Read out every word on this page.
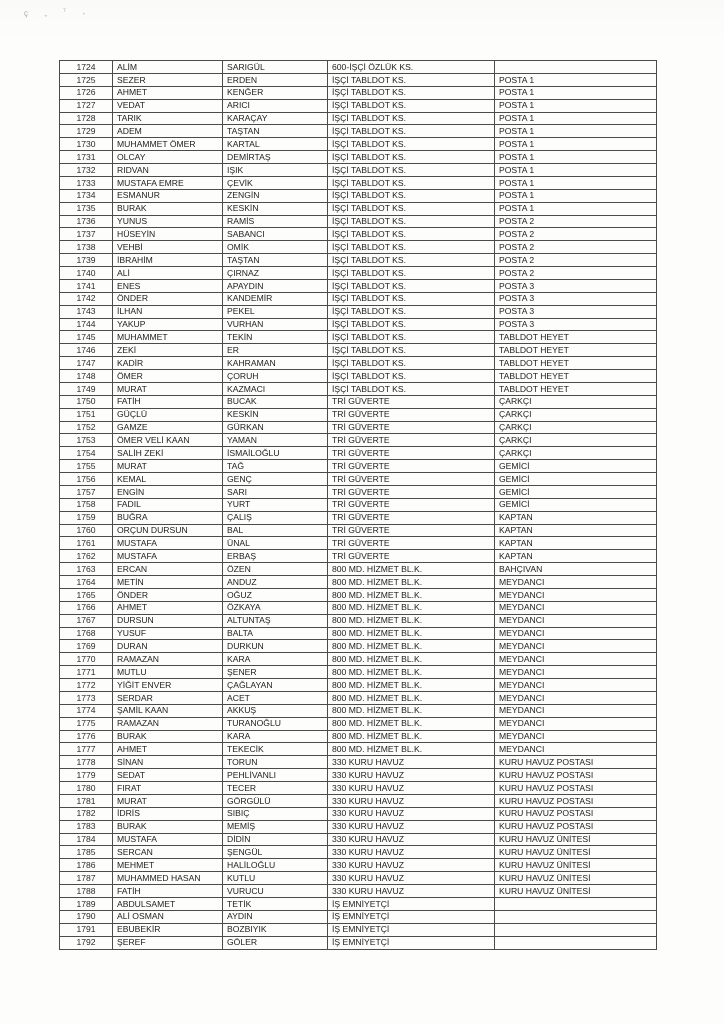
ç ˬ ⁷ ˳
1724	ALİM	SARIGÜL	600-İŞÇİ ÖZLÜK KS.	
1725	SEZER	ERDEN	İŞÇİ TABLDOT KS.	POSTA 1
1726	AHMET	KENĞER	İŞÇİ TABLDOT KS.	POSTA 1
1727	VEDAT	ARICI	İŞÇİ TABLDOT KS.	POSTA 1
1728	TARIK	KARAÇAY	İŞÇİ TABLDOT KS.	POSTA 1
1729	ADEM	TAŞTAN	İŞÇİ TABLDOT KS.	POSTA 1
1730	MUHAMMET ÖMER	KARTAL	İŞÇİ TABLDOT KS.	POSTA 1
1731	OLCAY	DEMİRTAŞ	İŞÇİ TABLDOT KS.	POSTA 1
1732	RIDVAN	IŞIK	İŞÇİ TABLDOT KS.	POSTA 1
1733	MUSTAFA EMRE	ÇEVİK	İŞÇİ TABLDOT KS.	POSTA 1
1734	ESMANUR	ZENGİN	İŞÇİ TABLDOT KS.	POSTA 1
1735	BURAK	KESKİN	İŞÇİ TABLDOT KS.	POSTA 1
1736	YUNUS	RAMİS	İŞÇİ TABLDOT KS.	POSTA 2
1737	HÜSEYİN	SABANCI	İŞÇİ TABLDOT KS.	POSTA 2
1738	VEHBİ	OMİK	İŞÇİ TABLDOT KS.	POSTA 2
1739	İBRAHİM	TAŞTAN	İŞÇİ TABLDOT KS.	POSTA 2
1740	ALİ	ÇIRNAZ	İŞÇİ TABLDOT KS.	POSTA 2
1741	ENES	APAYDIN	İŞÇİ TABLDOT KS.	POSTA 3
1742	ÖNDER	KANDEMİR	İŞÇİ TABLDOT KS.	POSTA 3
1743	İLHAN	PEKEL	İŞÇİ TABLDOT KS.	POSTA 3
1744	YAKUP	VURHAN	İŞÇİ TABLDOT KS.	POSTA 3
1745	MUHAMMET	TEKİN	İŞÇİ TABLDOT KS.	TABLDOT HEYET
1746	ZEKİ	ER	İŞÇİ TABLDOT KS.	TABLDOT HEYET
1747	KADİR	KAHRAMAN	İŞÇİ TABLDOT KS.	TABLDOT HEYET
1748	ÖMER	ÇORUH	İŞÇİ TABLDOT KS.	TABLDOT HEYET
1749	MURAT	KAZMACI	İŞÇİ TABLDOT KS.	TABLDOT HEYET
1750	FATİH	BUCAK	TRİ GÜVERTE	ÇARKÇI
1751	GÜÇLÜ	KESKİN	TRİ GÜVERTE	ÇARKÇI
1752	GAMZE	GÜRKAN	TRİ GÜVERTE	ÇARKÇI
1753	ÖMER VELİ KAAN	YAMAN	TRİ GÜVERTE	ÇARKÇI
1754	SALİH ZEKİ	İSMAİLOĞLU	TRİ GÜVERTE	ÇARKÇI
1755	MURAT	TAĞ	TRİ GÜVERTE	GEMİCİ
1756	KEMAL	GENÇ	TRİ GÜVERTE	GEMİCİ
1757	ENGİN	SARI	TRİ GÜVERTE	GEMİCİ
1758	FADIL	YURT	TRİ GÜVERTE	GEMİCİ
1759	BUĞRA	ÇALIŞ	TRİ GÜVERTE	KAPTAN
1760	ORÇUN DURSUN	BAL	TRİ GÜVERTE	KAPTAN
1761	MUSTAFA	ÜNAL	TRİ GÜVERTE	KAPTAN
1762	MUSTAFA	ERBAŞ	TRİ GÜVERTE	KAPTAN
1763	ERCAN	ÖZEN	800 MD. HİZMET BL.K.	BAHÇIVAN
1764	METİN	ANDUZ	800 MD. HİZMET BL.K.	MEYDANCI
1765	ÖNDER	OĞUZ	800 MD. HİZMET BL.K.	MEYDANCI
1766	AHMET	ÖZKAYA	800 MD. HİZMET BL.K.	MEYDANCI
1767	DURSUN	ALTUNTAŞ	800 MD. HİZMET BL.K.	MEYDANCI
1768	YUSUF	BALTA	800 MD. HİZMET BL.K.	MEYDANCI
1769	DURAN	DURKUN	800 MD. HİZMET BL.K.	MEYDANCI
1770	RAMAZAN	KARA	800 MD. HİZMET BL.K.	MEYDANCI
1771	MUTLU	ŞENER	800 MD. HİZMET BL.K.	MEYDANCI
1772	YİĞİT ENVER	ÇAĞLAYAN	800 MD. HİZMET BL.K.	MEYDANCI
1773	SERDAR	ACET	800 MD. HİZMET BL.K.	MEYDANCI
1774	ŞAMİL KAAN	AKKUŞ	800 MD. HİZMET BL.K.	MEYDANCI
1775	RAMAZAN	TURANOĞLU	800 MD. HİZMET BL.K.	MEYDANCI
1776	BURAK	KARA	800 MD. HİZMET BL.K.	MEYDANCI
1777	AHMET	TEKECİK	800 MD. HİZMET BL.K.	MEYDANCI
1778	SİNAN	TORUN	330 KURU HAVUZ	KURU HAVUZ POSTASI
1779	SEDAT	PEHLİVANLI	330 KURU HAVUZ	KURU HAVUZ POSTASI
1780	FIRAT	TECER	330 KURU HAVUZ	KURU HAVUZ POSTASI
1781	MURAT	GÖRGÜLÜ	330 KURU HAVUZ	KURU HAVUZ POSTASI
1782	İDRİS	SIBIÇ	330 KURU HAVUZ	KURU HAVUZ POSTASI
1783	BURAK	MEMİŞ	330 KURU HAVUZ	KURU HAVUZ POSTASI
1784	MUSTAFA	DİDİN	330 KURU HAVUZ	KURU HAVUZ ÜNİTESİ
1785	SERCAN	ŞENGÜL	330 KURU HAVUZ	KURU HAVUZ ÜNİTESİ
1786	MEHMET	HALİLOĞLU	330 KURU HAVUZ	KURU HAVUZ ÜNİTESİ
1787	MUHAMMED HASAN	KUTLU	330 KURU HAVUZ	KURU HAVUZ ÜNİTESİ
1788	FATİH	VURUCU	330 KURU HAVUZ	KURU HAVUZ ÜNİTESİ
1789	ABDULSAMET	TETİK	İŞ EMNİYETÇİ	
1790	ALİ OSMAN	AYDIN	İŞ EMNİYETÇİ	
1791	EBUBEKİR	BOZBIYIK	İŞ EMNİYETÇİ	
1792	ŞEREF	GÖLER	İŞ EMNİYETÇİ	
